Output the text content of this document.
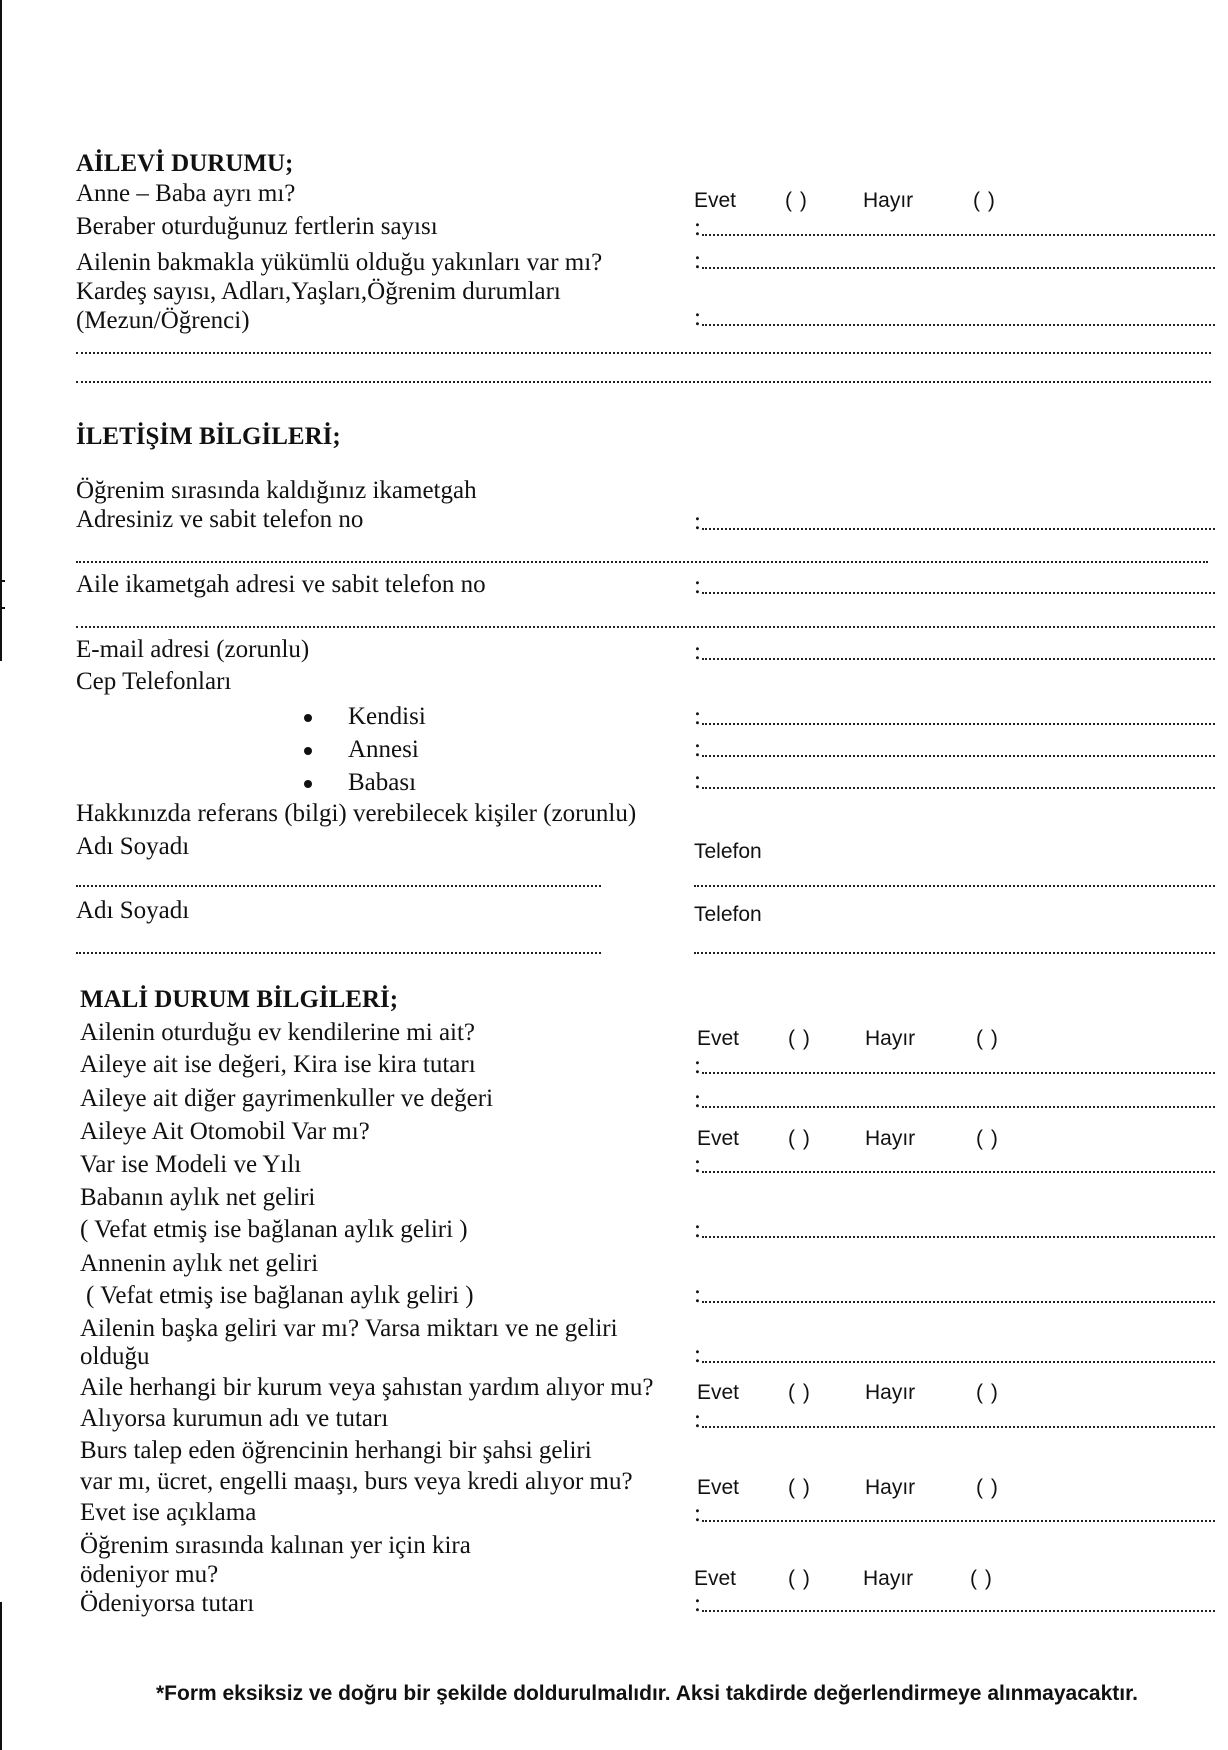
AİLEVİ DURUMU;
Anne – Baba ayrı mı?	Evet ( )	Hayır	( )
Beraber oturduğunuz fertlerin sayısı	:
Ailenin bakmakla yükümlü olduğu yakınları var mı?	:
Kardeş sayısı, Adları,Yaşları,Öğrenim durumları
(Mezun/Öğrenci)	:
İLETİŞİM BİLGİLERİ;
Öğrenim sırasında kaldığınız ikametgah
Adresiniz ve sabit telefon no	:
Aile ikametgah adresi ve sabit telefon no	:
E-mail adresi (zorunlu)	:
Cep Telefonları
Kendisi	:
Annesi	:
Babası	:
Hakkınızda referans (bilgi) verebilecek kişiler (zorunlu)
Adı Soyadı	Telefon
Adı Soyadı	Telefon
MALİ DURUM BİLGİLERİ;
Ailenin oturduğu ev kendilerine mi ait?	Evet ( )	Hayır	( )
Aileye ait ise değeri, Kira ise kira tutarı	:
Aileye ait diğer gayrimenkuller ve değeri	:
Aileye Ait Otomobil Var mı?	Evet ( )	Hayır	( )
Var ise Modeli ve Yılı	:
Babanın aylık net geliri
( Vefat etmiş ise bağlanan aylık geliri )	:
Annenin aylık net geliri
( Vefat etmiş ise bağlanan aylık geliri )	:
Ailenin başka geliri var mı? Varsa miktarı ve ne geliri
olduğu	:
Aile herhangi bir kurum veya şahıstan yardım alıyor mu? Evet ( )	Hayır	( )
Alıyorsa kurumun adı ve tutarı	:
Burs talep eden öğrencinin herhangi bir şahsi geliri
var mı, ücret, engelli maaşı, burs veya kredi alıyor mu?	Evet ( )	Hayır	( )
Evet ise açıklama	:
Öğrenim sırasında kalınan yer için kira
ödeniyor mu?	Evet ( ) Hayır	( )
Ödeniyorsa tutarı	:
*Form eksiksiz ve doğru bir şekilde doldurulmalıdır. Aksi takdirde değerlendirmeye alınmayacaktır.
